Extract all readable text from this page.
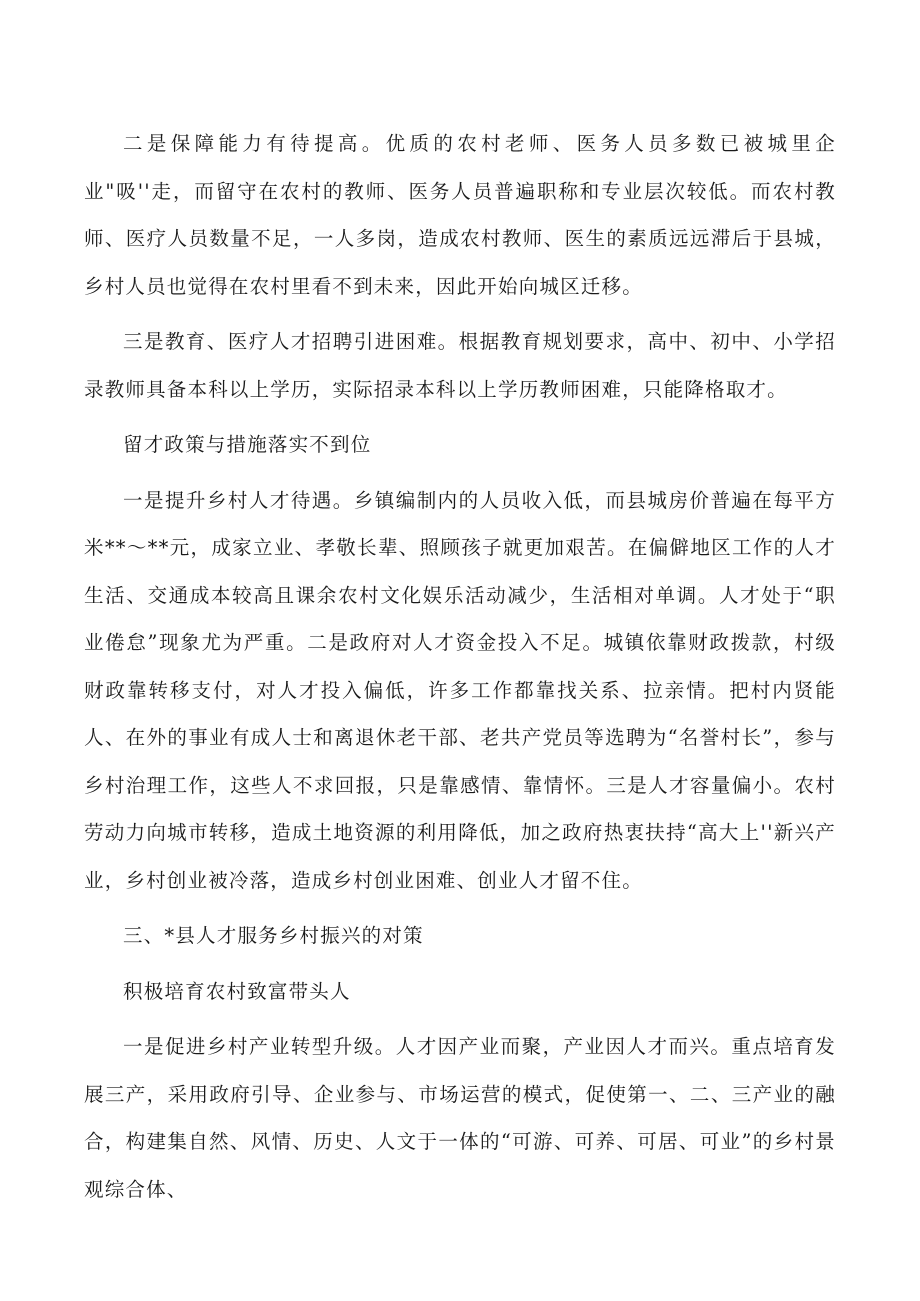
二是保障能力有待提高。优质的农村老师、医务人员多数已被城里企业"吸''走，而留守在农村的教师、医务人员普遍职称和专业层次较低。而农村教师、医疗人员数量不足，一人多岗，造成农村教师、医生的素质远远滞后于县城，乡村人员也觉得在农村里看不到未来，因此开始向城区迁移。

三是教育、医疗人才招聘引进困难。根据教育规划要求，高中、初中、小学招录教师具备本科以上学历，实际招录本科以上学历教师困难，只能降格取才。

留才政策与措施落实不到位

一是提升乡村人才待遇。乡镇编制内的人员收入低，而县城房价普遍在每平方米**～**元，成家立业、孝敬长辈、照顾孩子就更加艰苦。在偏僻地区工作的人才生活、交通成本较高且课余农村文化娱乐活动减少，生活相对单调。人才处于“职业倦怠”现象尤为严重。二是政府对人才资金投入不足。城镇依靠财政拨款，村级财政靠转移支付，对人才投入偏低，许多工作都靠找关系、拉亲情。把村内贤能人、在外的事业有成人士和离退休老干部、老共产党员等选聘为“名誉村长”，参与乡村治理工作，这些人不求回报，只是靠感情、靠情怀。三是人才容量偏小。农村劳动力向城市转移，造成土地资源的利用降低，加之政府热衷扶持“高大上''新兴产业，乡村创业被冷落，造成乡村创业困难、创业人才留不住。

三、*县人才服务乡村振兴的对策

积极培育农村致富带头人

一是促进乡村产业转型升级。人才因产业而聚，产业因人才而兴。重点培育发展三产，采用政府引导、企业参与、市场运营的模式，促使第一、二、三产业的融合，构建集自然、风情、历史、人文于一体的“可游、可养、可居、可业”的乡村景观综合体、
